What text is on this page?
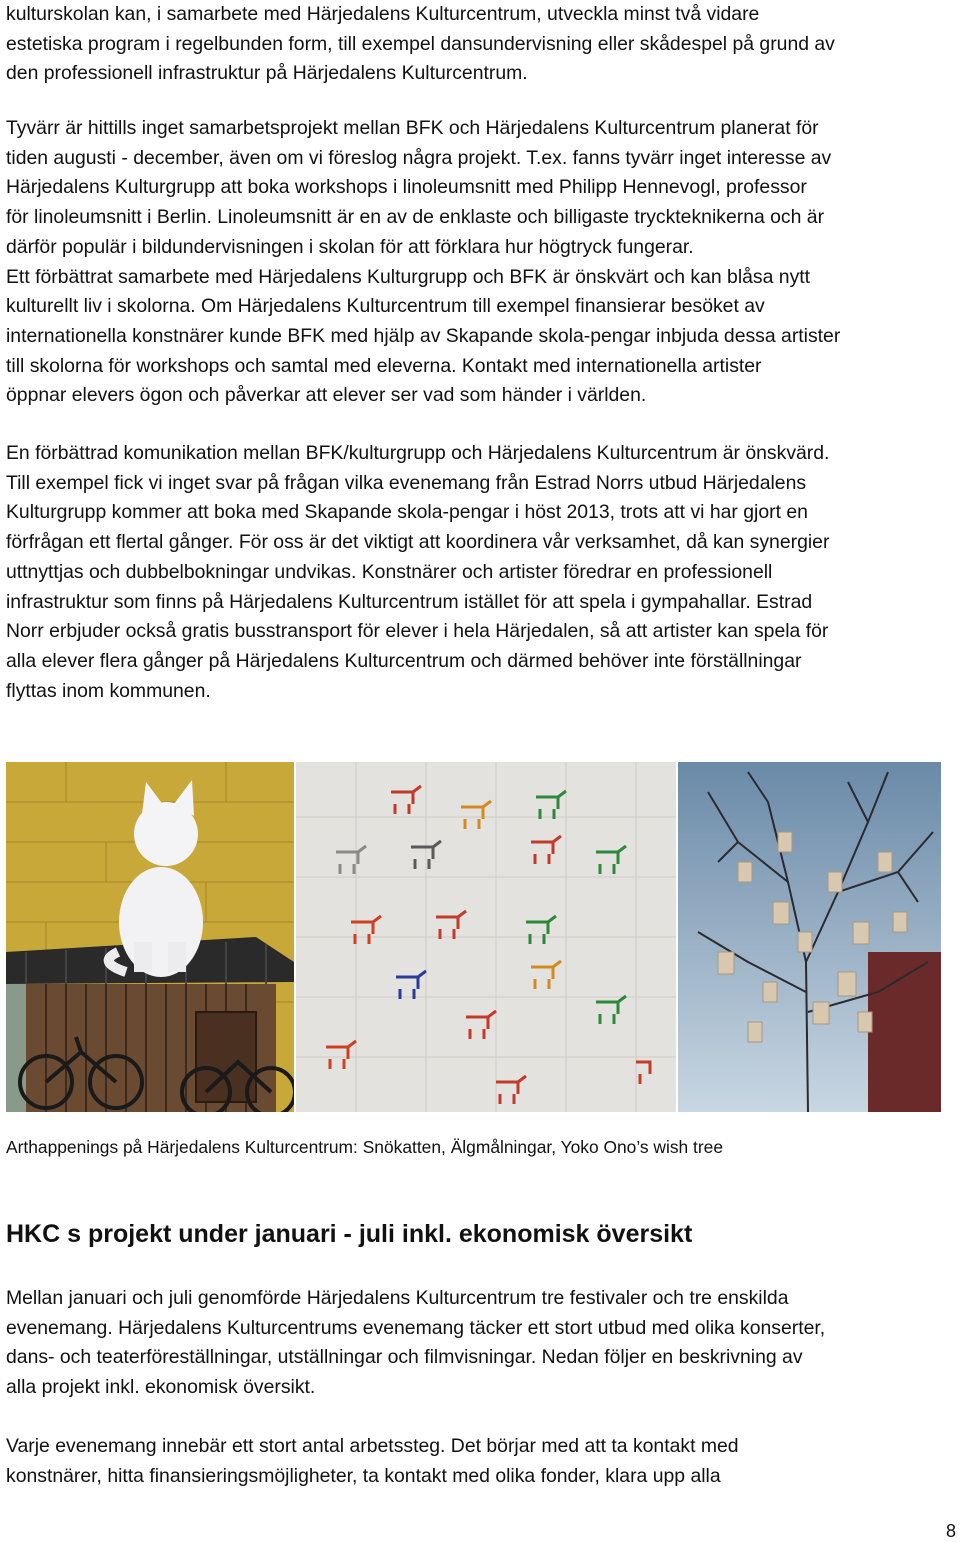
kulturskolan kan, i samarbete med Härjedalens Kulturcentrum, utveckla minst två vidare
estetiska program i regelbunden form, till exempel dansundervisning eller skådespel på grund av
den professionell infrastruktur på Härjedalens Kulturcentrum.
Tyvärr är hittills inget samarbetsprojekt mellan BFK och Härjedalens Kulturcentrum planerat för
tiden augusti - december, även om vi föreslog några projekt. T.ex. fanns tyvärr inget interesse av
Härjedalens Kulturgrupp att boka workshops i linoleumsnitt med Philipp Hennevogl, professor
för linoleumsnitt i Berlin. Linoleumsnitt är en av de enklaste och billigaste tryckteknikerna och är
därför populär i bildundervisningen i skolan för att förklara hur högtryck fungerar.
Ett förbättrat samarbete med Härjedalens Kulturgrupp och BFK är önskvärt och kan blåsa nytt
kulturellt liv i skolorna. Om Härjedalens Kulturcentrum till exempel finansierar besöket av
internationella konstnärer kunde BFK med hjälp av Skapande skola-pengar inbjuda dessa artister
till skolorna för workshops och samtal med eleverna. Kontakt med internationella artister
öppnar elevers ögon och påverkar att elever ser vad som händer i världen.
En förbättrad komunikation mellan BFK/kulturgrupp och Härjedalens Kulturcentrum är önskvärd.
Till exempel fick vi inget svar på frågan vilka evenemang från Estrad Norrs utbud Härjedalens
Kulturgrupp kommer att boka med Skapande skola-pengar i höst 2013, trots att vi har gjort en
förfrågan ett flertal gånger. För oss är det viktigt att koordinera vår verksamhet, då kan synergier
uttnyttjas och dubbelbokningar undvikas. Konstnärer och artister föredrar en professionell
infrastruktur som finns på Härjedalens Kulturcentrum istället för att spela i gympahallar. Estrad
Norr erbjuder också gratis busstransport för elever i hela Härjedalen, så att artister kan spela för
alla elever flera gånger på Härjedalens Kulturcentrum och därmed behöver inte förställningar
flyttas inom kommunen.

Arthappenings på Härjedalens Kulturcentrum: Snökatten, Älgmålningar, Yoko Ono’s wish tree

HKC s projekt under januari - juli inkl. ekonomisk översikt
Mellan januari och juli genomförde Härjedalens Kulturcentrum tre festivaler och tre enskilda
evenemang. Härjedalens Kulturcentrums evenemang täcker ett stort utbud med olika konserter,
dans- och teaterföreställningar, utställningar och filmvisningar. Nedan följer en beskrivning av
alla projekt inkl. ekonomisk översikt.
Varje evenemang innebär ett stort antal arbetssteg. Det börjar med att ta kontakt med
konstnärer, hitta finansieringsmöjligheter, ta kontakt med olika fonder, klara upp alla

8
